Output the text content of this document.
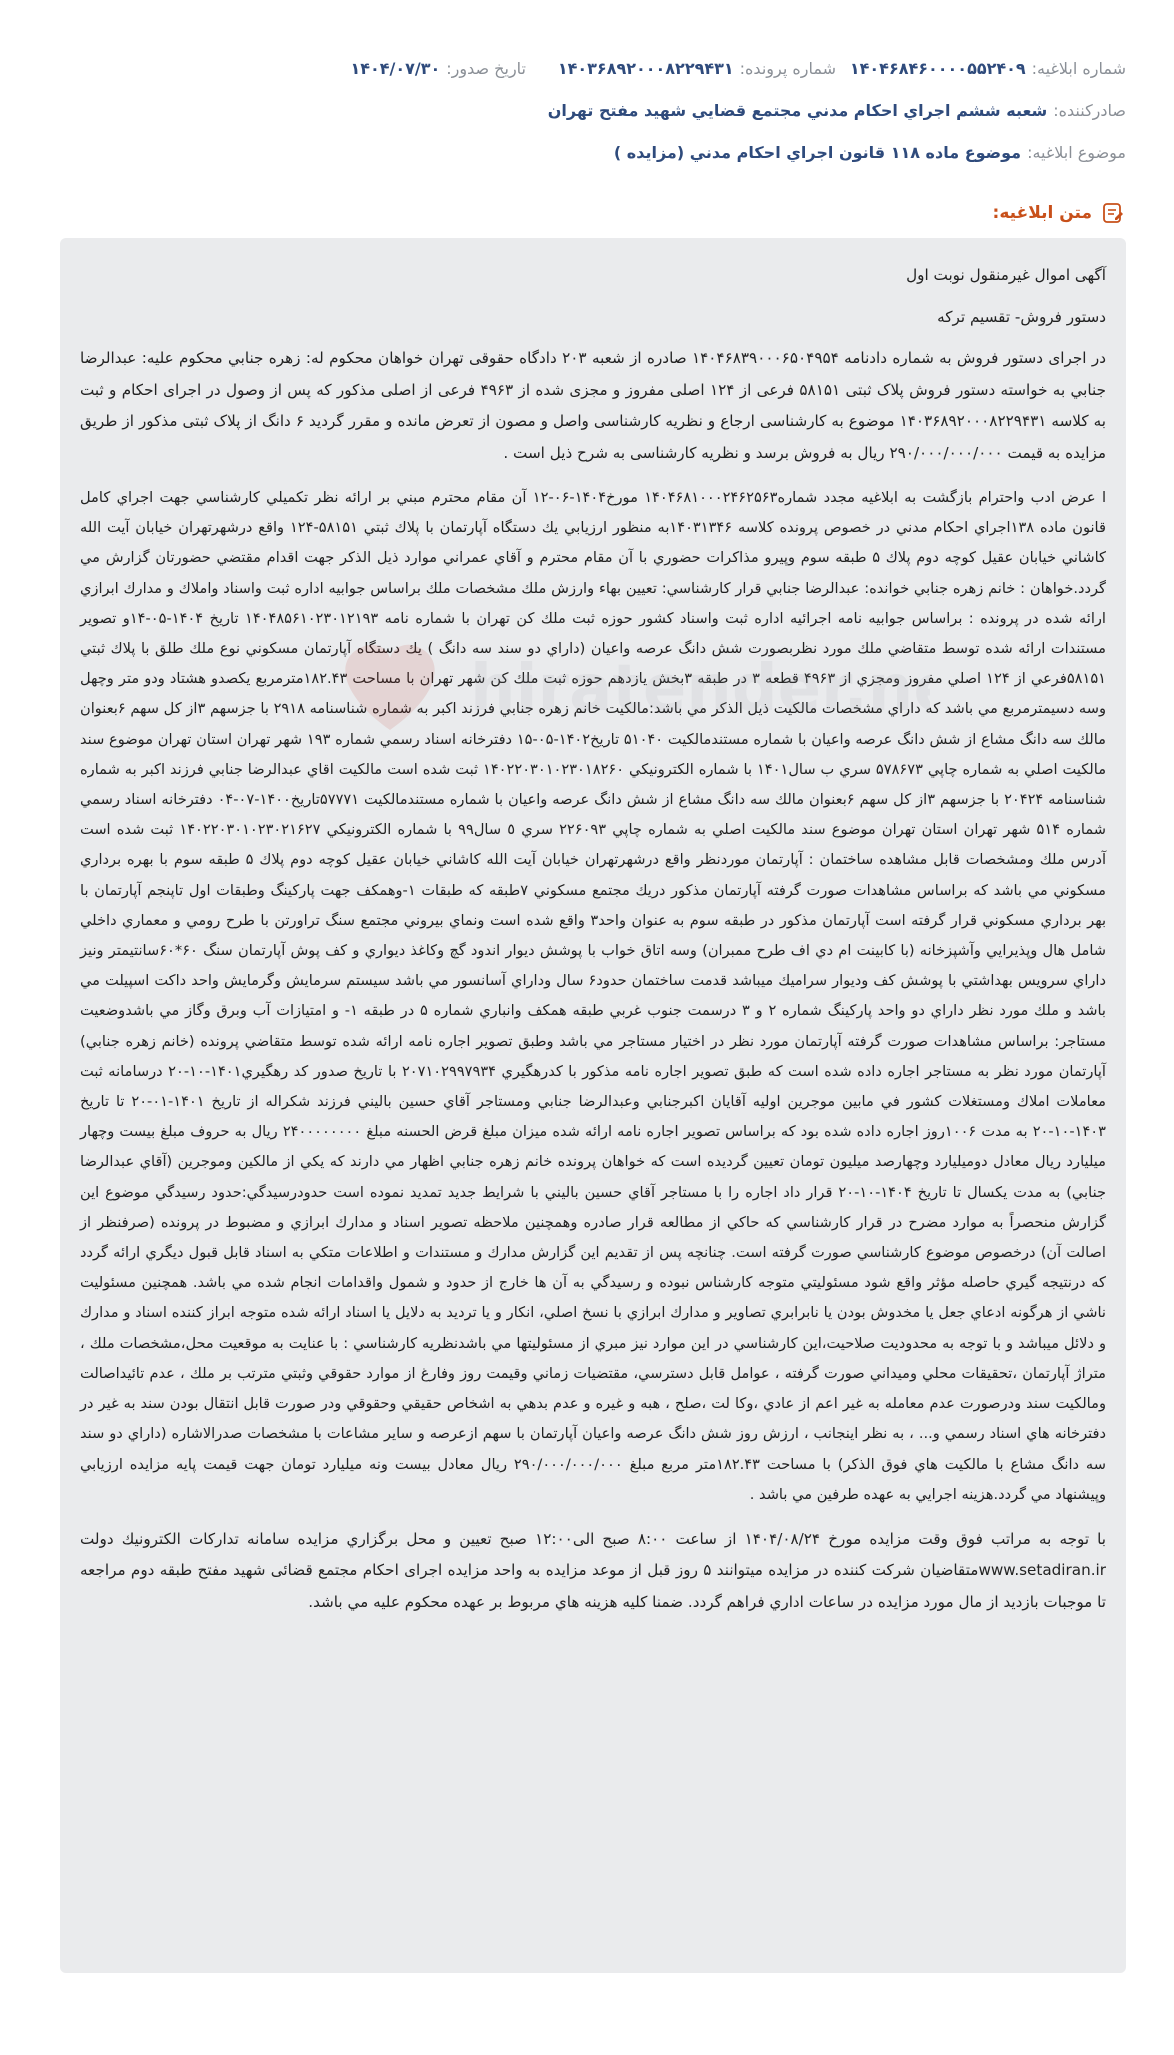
شماره ابلاغیه:
۱۴۰۴۶۸۴۶۰۰۰۰۵۵۲۴۰۹
شماره پرونده:
۱۴۰۳۶۸۹۲۰۰۰۸۲۲۹۴۳۱
تاریخ صدور:
۱۴۰۴/۰۷/۳۰
صادرکننده:
شعبه ششم اجراي احكام مدني مجتمع قضايي شهيد مفتح تهران
موضوع ابلاغیه:
موضوع ماده ۱۱۸ قانون اجراي احكام مدني (مزايده )
متن ابلاغیه:

آگهی اموال غیرمنقول نوبت اول

دستور فروش- تقسیم ترکه

در اجرای دستور فروش به شماره دادنامه ۱۴۰۴۶۸۳۹۰۰۰۶۵۰۴۹۵۴ صادره از شعبه ۲۰۳ دادگاه حقوقی تهران خواهان محکوم له: زهره جنابي محکوم علیه: عبدالرضا جنابي به خواسته دستور فروش پلاک ثبتی ۵۸۱۵۱ فرعی از ۱۲۴ اصلی مفروز و مجزی شده از ۴۹۶۳ فرعی از اصلی مذکور که پس از وصول در اجرای احکام و ثبت به کلاسه ۱۴۰۳۶۸۹۲۰۰۰۸۲۲۹۴۳۱ موضوع به کارشناسی ارجاع و نظریه کارشناسی واصل و مصون از تعرض مانده و مقرر گردید ۶ دانگ از پلاک ثبتی مذکور از طریق مزایده به قیمت ۲۹۰/۰۰۰/۰۰۰/۰۰۰ ریال به فروش برسد و نظریه کارشناسی به شرح ذیل است .

ا عرض ادب واحترام بازگشت به ابلاغیه مجدد شماره۱۴۰۴۶۸۱۰۰۰۲۴۶۲۵۶۳ مورخ۱۴۰۴-۰۶-۱۲ آن مقام محترم مبني بر ارائه نظر تكميلي كارشناسي جهت اجراي كامل قانون ماده ۱۳۸اجراي احكام مدني در خصوص پرونده كلاسه ۱۴۰۳۱۳۴۶به منظور ارزيابي يك دستگاه آپارتمان با پلاك ثبتي ۵۸۱۵۱-۱۲۴ واقع درشهرتهران خيابان آيت الله كاشاني خيابان عقيل كوچه دوم پلاك ۵ طبقه سوم وپيرو مذاكرات حضوري با آن مقام محترم و آقاي عمراني موارد ذيل الذكر جهت اقدام مقتضي حضورتان گزارش مي گردد.خواهان : خانم زهره جنابي خوانده: عبدالرضا جنابي قرار كارشناسي: تعيين بهاء وارزش ملك مشخصات ملك براساس جوابيه اداره ثبت واسناد واملاك و مدارك ابرازي ارائه شده در پرونده : براساس جوابيه نامه اجرائيه اداره ثبت واسناد كشور حوزه ثبت ملك كن تهران با شماره نامه ۱۴۰۴۸۵۶۱۰۲۳۰۱۲۱۹۳ تاريخ ۱۴۰۴-۰۵-۱۴و تصوير مستندات ارائه شده توسط متقاضي ملك مورد نظربصورت شش دانگ عرصه واعيان (داراي دو سند سه دانگ ) يك دستگاه آپارتمان مسكوني نوع ملك طلق با پلاك ثبتي ۵۸۱۵۱فرعي از ۱۲۴ اصلي مفروز ومجزي از ۴۹۶۳ قطعه ۳ در طبقه ۳بخش يازدهم حوزه ثبت ملك كن شهر تهران با مساحت ۱۸۲.۴۳مترمربع يكصدو هشتاد ودو متر وچهل وسه دسيمترمربع مي باشد كه داراي مشخصات مالكيت ذيل الذكر مي باشد:مالكيت خانم زهره جنابي فرزند اكبر به شماره شناسنامه ۲۹۱۸ با جزسهم ۳از كل سهم ۶بعنوان مالك سه دانگ مشاع از شش دانگ عرصه واعيان با شماره مستندمالكيت ۵۱۰۴۰ تاريخ۱۴۰۲-۰۵-۱۵ دفترخانه اسناد رسمي شماره ۱۹۳ شهر تهران استان تهران موضوع سند مالكيت اصلي به شماره چاپي ۵۷۸۶۷۳ سري ب سال۱۴۰۱ با شماره الكترونيكي ۱۴۰۲۲۰۳۰۱۰۲۳۰۱۸۲۶۰ ثبت شده است مالكيت اقاي عبدالرضا جنابي فرزند اكبر به شماره شناسنامه ۲۰۴۲۴ با جزسهم ۳از كل سهم ۶بعنوان مالك سه دانگ مشاع از شش دانگ عرصه واعيان با شماره مستندمالكيت ۵۷۷۷۱تاريخ۱۴۰۰-۰۷-۰۴ دفترخانه اسناد رسمي شماره ۵۱۴ شهر تهران استان تهران موضوع سند مالكيت اصلي به شماره چاپي ۲۲۶۰۹۳ سري ٥ سال۹۹ با شماره الكترونيكي ۱۴۰۲۲۰۳۰۱۰۲۳۰۲۱۶۲۷ ثبت شده است آدرس ملك ومشخصات قابل مشاهده ساختمان : آپارتمان موردنظر واقع درشهرتهران خيابان آيت الله كاشاني خيابان عقيل كوچه دوم پلاك ۵ طبقه سوم با بهره برداري مسكوني مي باشد كه براساس مشاهدات صورت گرفته آپارتمان مذكور دريك مجتمع مسكوني ۷طبقه كه طبقات ۱-وهمكف جهت پاركينگ وطبقات اول تاپنجم آپارتمان با بهر برداري مسكوني قرار گرفته است آپارتمان مذكور در طبقه سوم به عنوان واحد۳ واقع شده است ونماي بيروني مجتمع سنگ تراورتن با طرح رومي و معماري داخلي شامل هال وپذيرايي وآشپزخانه (با كابينت ام دي اف طرح ممبران) وسه اتاق خواب با پوشش ديوار اندود گچ وكاغذ ديواري و كف پوش آپارتمان سنگ ۶۰*۶۰سانتيمتر ونيز داراي سرويس بهداشتي با پوشش كف وديوار سراميك ميباشد قدمت ساختمان حدود۶ سال وداراي آسانسور مي باشد سيستم سرمايش وگرمايش واحد داكت اسپيلت مي باشد و ملك مورد نظر داراي دو واحد پاركينگ شماره ۲ و ۳ درسمت جنوب غربي طبقه همكف وانباري شماره ۵ در طبقه ۱- و امتيازات آب وبرق وگاز مي باشدوضعيت مستاجر: براساس مشاهدات صورت گرفته آپارتمان مورد نظر در اختيار مستاجر مي باشد وطبق تصوير اجاره نامه ارائه شده توسط متقاضي پرونده (خانم زهره جنابي) آپارتمان مورد نظر به مستاجر اجاره داده شده است كه طبق تصوير اجاره نامه مذكور با كدرهگيري ۲۰۷۱۰۲۹۹۷۹۳۴ با تاريخ صدور كد رهگيري۱۴۰۱-۱۰-۲۰ درسامانه ثبت معاملات املاك ومستغلات كشور في مابين موجرين اوليه آقايان اكبرجنابي وعبدالرضا جنابي ومستاجر آقاي حسين باليني فرزند شكراله از تاريخ ۱۴۰۱-۰۱-۲۰ تا تاريخ ۱۴۰۳-۱۰-۲۰ به مدت ۱۰۰۶روز اجاره داده شده بود كه براساس تصوير اجاره نامه ارائه شده ميزان مبلغ قرض الحسنه مبلغ ۲۴۰۰۰۰۰۰۰۰ ريال به حروف مبلغ بيست وچهار ميليارد ريال معادل دوميليارد وچهارصد ميليون تومان تعيين گرديده است كه خواهان پرونده خانم زهره جنابي اظهار مي دارند كه يكي از مالكين وموجرين (آقاي عبدالرضا جنابي) به مدت يكسال تا تاريخ ۱۴۰۴-۱۰-۲۰ قرار داد اجاره را با مستاجر آقاي حسين باليني با شرايط جديد تمديد نموده است حدودرسيدگي:حدود رسيدگي موضوع اين گزارش منحصراً به موارد مضرح در قرار كارشناسي كه حاكي از مطالعه قرار صادره وهمچنين ملاحظه تصوير اسناد و مدارك ابرازي و مضبوط در پرونده (صرفنظر از اصالت آن) درخصوص موضوع كارشناسي صورت گرفته است. چنانچه پس از تقديم اين گزارش مدارك و مستندات و اطلاعات متكي به اسناد قابل قبول ديگري ارائه گردد كه درنتيجه گيري حاصله مؤثر واقع شود مسئوليتي متوجه كارشناس نبوده و رسيدگي به آن ها خارج از حدود و شمول واقدامات انجام شده مي باشد. همچنين مسئوليت ناشي از هرگونه ادعاي جعل يا مخدوش بودن يا نابرابري تصاوير و مدارك ابرازي با نسخ اصلي، انكار و يا ترديد به دلايل يا اسناد ارائه شده متوجه ابراز كننده اسناد و مدارك و دلائل ميباشد و با توجه به محدوديت صلاحيت،اين كارشناسي در اين موارد نيز مبري از مسئوليتها مي باشدنظريه كارشناسي : با عنايت به موقعيت محل،مشخصات ملك ، متراژ آپارتمان ،تحقيقات محلي وميداني صورت گرفته ، عوامل قابل دسترسي، مقتضيات زماني وقيمت روز وفارغ از موارد حقوقي وثبتي مترتب بر ملك ، عدم تائيداصالت ومالكيت سند ودرصورت عدم معامله به غير اعم از عادي ،وكا لت ،صلح ، هبه و غيره و عدم بدهي به اشخاص حقيقي وحقوقي ودر صورت قابل انتقال بودن سند به غير در دفترخانه هاي اسناد رسمي و... ، به نظر اينجانب ، ارزش روز شش دانگ عرصه واعيان آپارتمان با سهم ازعرصه و ساير مشاعات با مشخصات صدرالاشاره (داراي دو سند سه دانگ مشاع با مالكيت هاي فوق الذكر) با مساحت ۱۸۲.۴۳متر مربع مبلغ ۲۹۰/۰۰۰/۰۰۰/۰۰۰ ريال معادل بيست ونه ميليارد تومان جهت قيمت پايه مزايده ارزيابي وپيشنهاد مي گردد.هزينه اجرايي به عهده طرفين مي باشد .

با توجه به مراتب فوق وقت مزایده مورخ ۱۴۰۴/۰۸/۲۴ از ساعت ۸:۰۰ صبح الی۱۲:۰۰ صبح تعیین و محل برگزاري مزايده سامانه تداركات الكترونيك دولت www.setadiran.irمتقاضیان شرکت کننده در مزایده میتوانند ۵ روز قبل از موعد مزايده به واحد مزایده اجرای احکام مجتمع قضائی شهید مفتح طبقه دوم مراجعه تا موجبات بازدید از مال مورد مزایده در ساعات اداري فراهم گردد. ضمنا کلیه هزینه هاي مربوط بر عهده محکوم علیه مي باشد.

hiratender.n
